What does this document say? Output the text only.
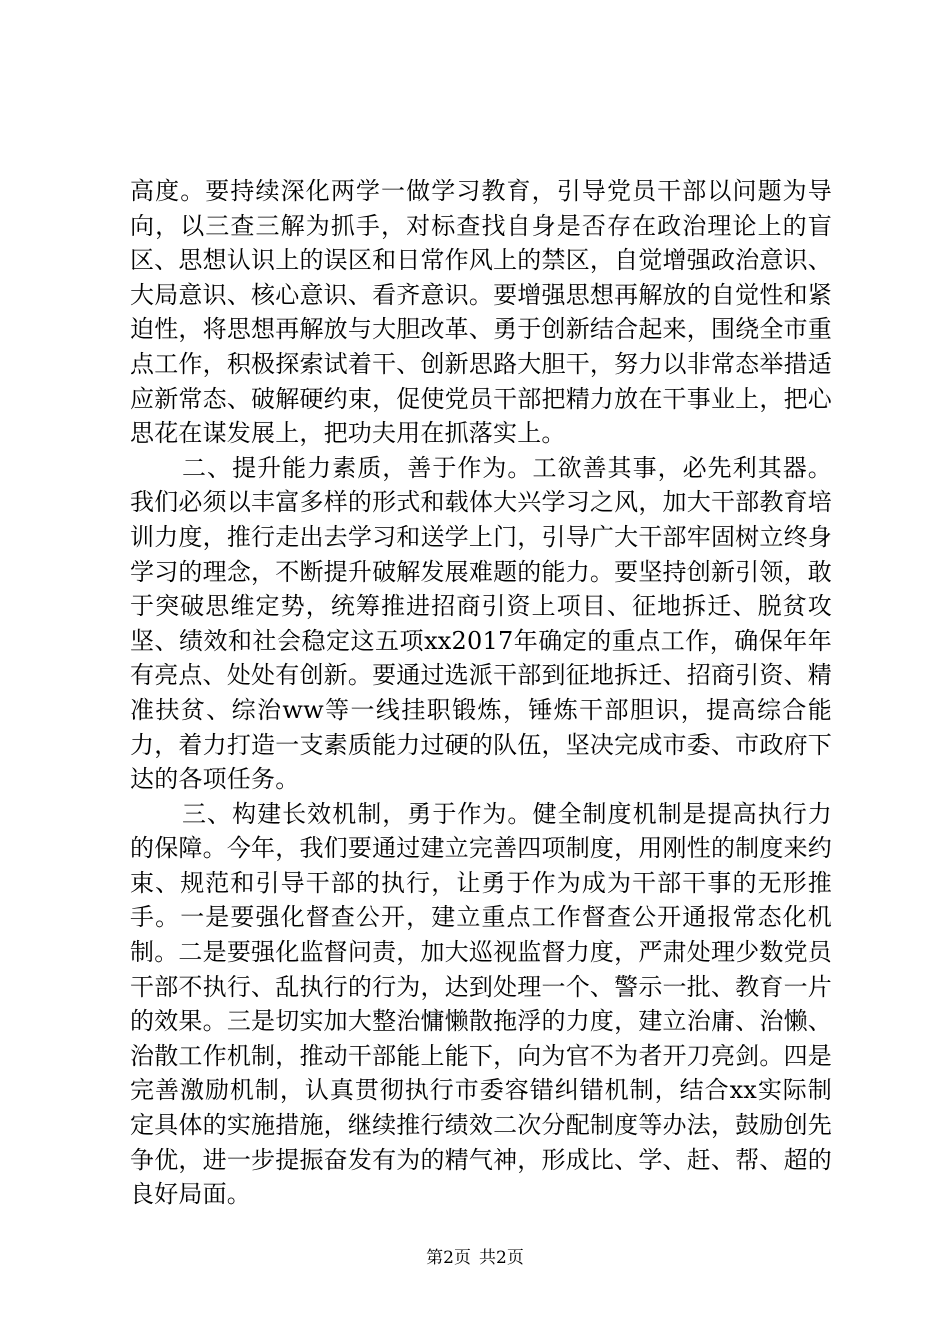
高度。要持续深化两学一做学习教育，引导党员干部以问题为导向，以三查三解为抓手，对标查找自身是否存在政治理论上的盲区、思想认识上的误区和日常作风上的禁区，自觉增强政治意识、大局意识、核心意识、看齐意识。要增强思想再解放的自觉性和紧迫性，将思想再解放与大胆改革、勇于创新结合起来，围绕全市重点工作，积极探索试着干、创新思路大胆干，努力以非常态举措适应新常态、破解硬约束，促使党员干部把精力放在干事业上，把心思花在谋发展上，把功夫用在抓落实上。

二、提升能力素质，善于作为。工欲善其事，必先利其器。我们必须以丰富多样的形式和载体大兴学习之风，加大干部教育培训力度，推行走出去学习和送学上门，引导广大干部牢固树立终身学习的理念，不断提升破解发展难题的能力。要坚持创新引领，敢于突破思维定势，统筹推进招商引资上项目、征地拆迁、脱贫攻坚、绩效和社会稳定这五项xx2017年确定的重点工作，确保年年有亮点、处处有创新。要通过选派干部到征地拆迁、招商引资、精准扶贫、综治ww等一线挂职锻炼，锤炼干部胆识，提高综合能力，着力打造一支素质能力过硬的队伍，坚决完成市委、市政府下达的各项任务。

三、构建长效机制，勇于作为。健全制度机制是提高执行力的保障。今年，我们要通过建立完善四项制度，用刚性的制度来约束、规范和引导干部的执行，让勇于作为成为干部干事的无形推手。一是要强化督查公开，建立重点工作督查公开通报常态化机制。二是要强化监督问责，加大巡视监督力度，严肃处理少数党员干部不执行、乱执行的行为，达到处理一个、警示一批、教育一片的效果。三是切实加大整治慵懒散拖浮的力度，建立治庸、治懒、治散工作机制，推动干部能上能下，向为官不为者开刀亮剑。四是完善激励机制，认真贯彻执行市委容错纠错机制，结合xx实际制定具体的实施措施，继续推行绩效二次分配制度等办法，鼓励创先争优，进一步提振奋发有为的精气神，形成比、学、赶、帮、超的良好局面。

第2页 共2页
